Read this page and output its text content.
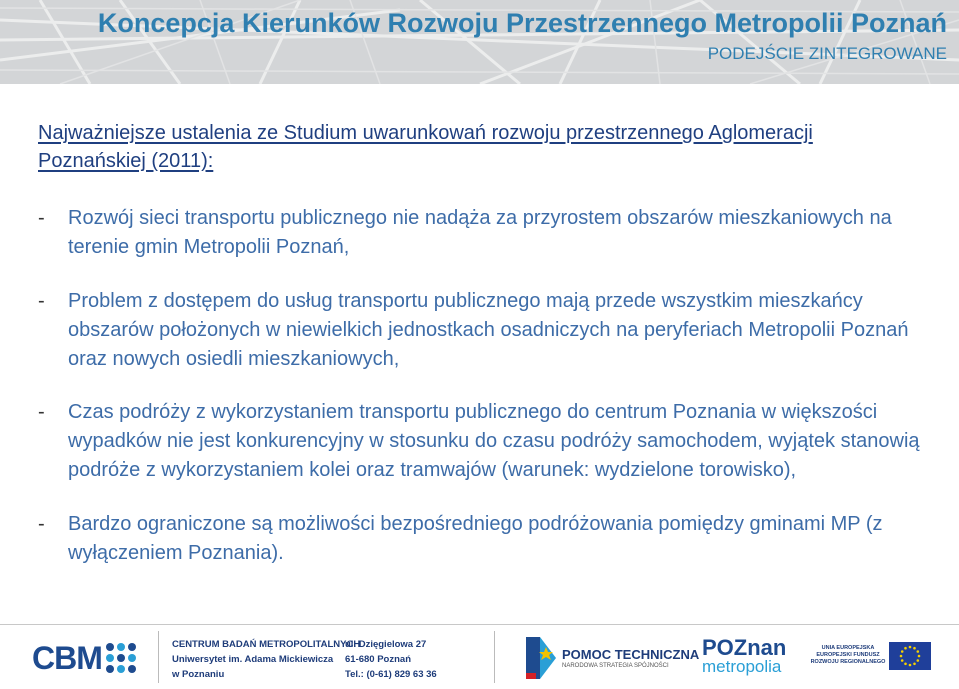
Koncepcja Kierunków Rozwoju Przestrzennego Metropolii Poznań
PODEJŚCIE ZINTEGROWANE
Najważniejsze ustalenia ze Studium uwarunkowań rozwoju przestrzennego Aglomeracji Poznańskiej (2011):
- Rozwój sieci transportu publicznego nie nadąża za przyrostem obszarów mieszkaniowych na terenie gmin Metropolii Poznań,
- Problem z dostępem do usług transportu publicznego mają przede wszystkim mieszkańcy obszarów położonych w niewielkich jednostkach osadniczych na peryferiach Metropolii Poznań oraz nowych osiedli mieszkaniowych,
- Czas podróży z wykorzystaniem transportu publicznego do centrum Poznania w większości wypadków nie jest konkurencyjny w stosunku do czasu podróży samochodem, wyjątek stanowią podróże z wykorzystaniem kolei oraz tramwajów (warunek: wydzielone torowisko),
- Bardzo ograniczone są możliwości bezpośredniego podróżowania pomiędzy gminami MP (z wyłączeniem Poznania).
CBM	CENTRUM BADAŃ METROPOLITALNYCH
Uniwersytet im. Adama Mickiewicza
w Poznaniu
ul. Dzięgielowa 27
61-680 Poznań
Tel.: (0-61) 829 63 36
POMOC TECHNICZNA
NARODOWA STRATEGIA SPÓJNOŚCI
POZnan
metropolia
UNIA EUROPEJSKA
EUROPEJSKI FUNDUSZ
ROZWOJU REGIONALNEGO
